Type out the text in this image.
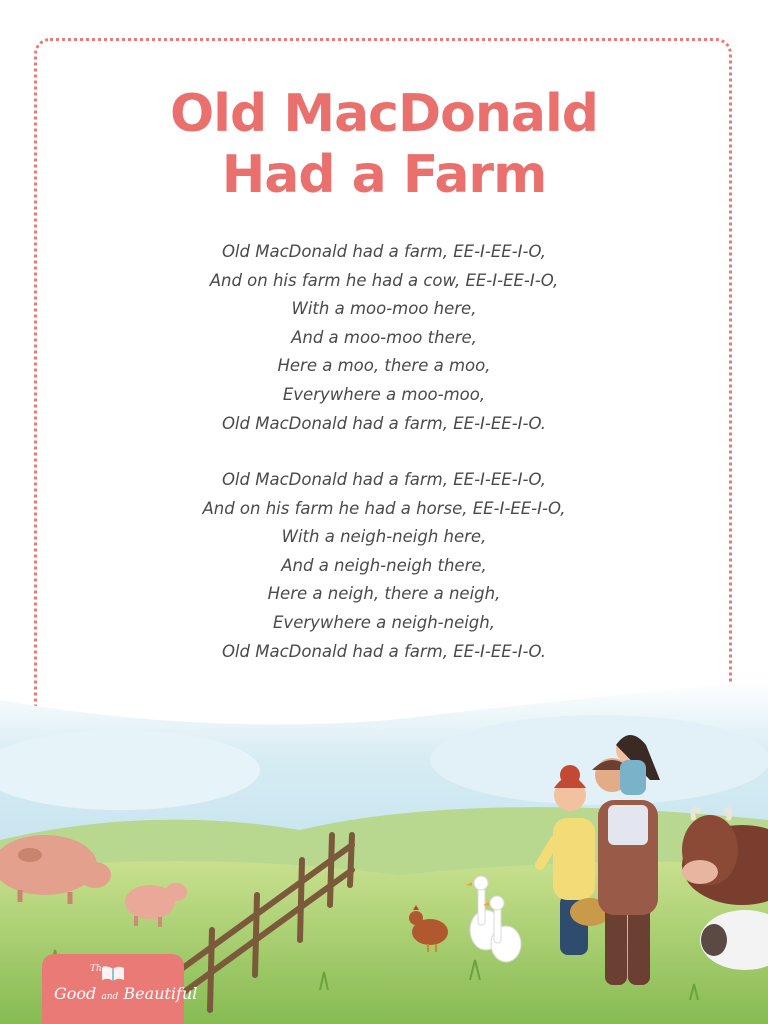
Old MacDonald
Had a Farm
Old MacDonald had a farm, EE-I-EE-I-O,
And on his farm he had a cow, EE-I-EE-I-O,
With a moo-moo here,
And a moo-moo there,
Here a moo, there a moo,
Everywhere a moo-moo,
Old MacDonald had a farm, EE-I-EE-I-O.
Old MacDonald had a farm, EE-I-EE-I-O,
And on his farm he had a horse, EE-I-EE-I-O,
With a neigh-neigh here,
And a neigh-neigh there,
Here a neigh, there a neigh,
Everywhere a neigh-neigh,
Old MacDonald had a farm, EE-I-EE-I-O.
The
Good and Beautiful
